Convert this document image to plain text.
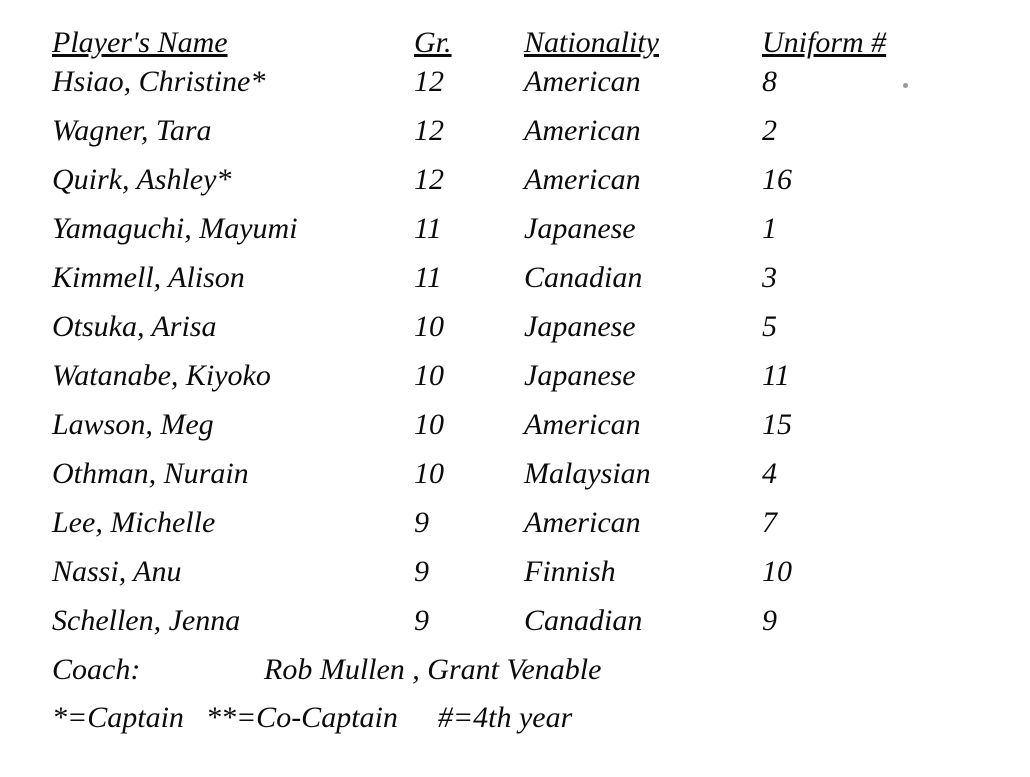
Player's Name	Gr.	Nationality	Uniform #
Hsiao, Christine*	12	American	8
Wagner, Tara	12	American	2
Quirk, Ashley*	12	American	16
Yamaguchi, Mayumi	11	Japanese	1
Kimmell, Alison	11	Canadian	3
Otsuka, Arisa	10	Japanese	5
Watanabe, Kiyoko	10	Japanese	11
Lawson, Meg	10	American	15
Othman, Nurain	10	Malaysian	4
Lee, Michelle	9	American	7
Nassi, Anu	9	Finnish	10
Schellen, Jenna	9	Canadian	9
Coach:	Rob Mullen , Grant Venable
*=Captain **=Co-Captain #=4th year
